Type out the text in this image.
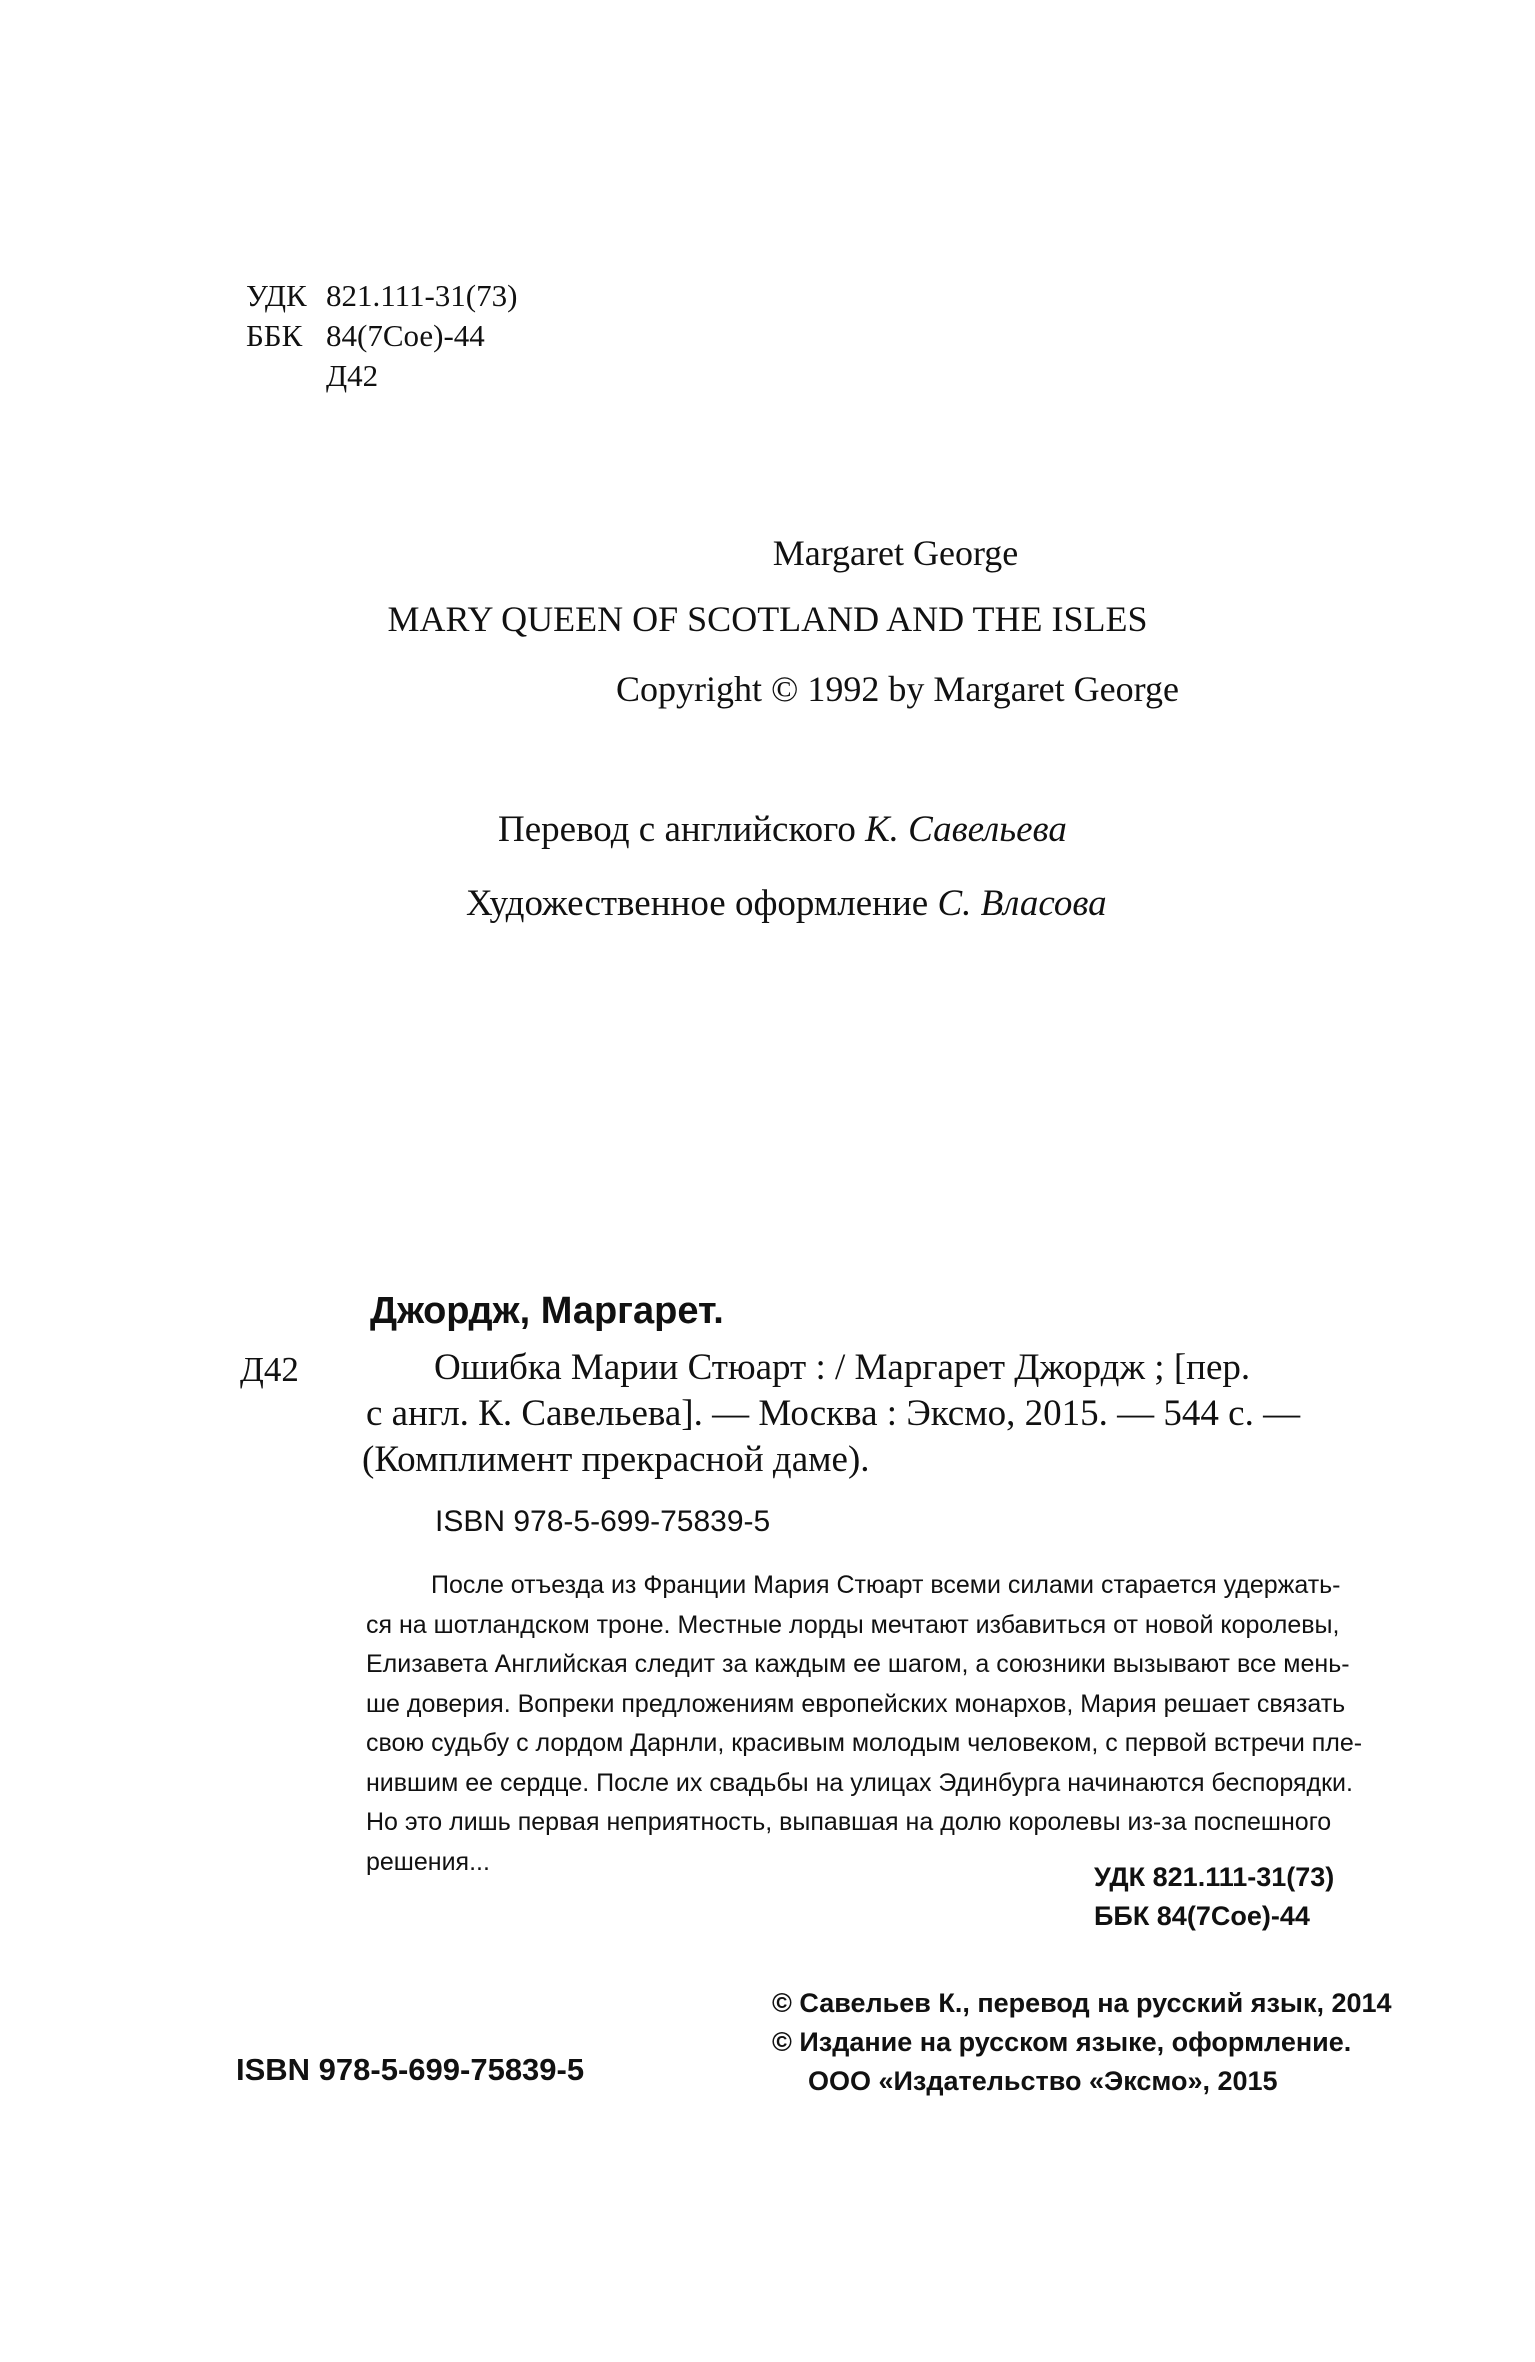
УДК 821.111-31(73)
ББК 84(7Сое)-44
Д42
Margaret George
MARY QUEEN OF SCOTLAND AND THE ISLES
Copyright © 1992 by Margaret George
Перевод с английского К. Савельева
Художественное оформление С. Власова
Джордж, Маргарет.
Д42	Ошибка Марии Стюарт : / Маргарет Джордж ; [пер.
с англ. К. Савельева]. — Москва : Эксмо, 2015. — 544 с. —
(Комплимент прекрасной даме).
ISBN 978-5-699-75839-5
После отъезда из Франции Мария Стюарт всеми силами старается удержать-
ся на шотландском троне. Местные лорды мечтают избавиться от новой королевы,
Елизавета Английская следит за каждым ее шагом, а союзники вызывают все мень-
ше доверия. Вопреки предложениям европейских монархов, Мария решает связать
свою судьбу с лордом Дарнли, красивым молодым человеком, с первой встречи пле-
нившим ее сердце. После их свадьбы на улицах Эдинбурга начинаются беспорядки.
Но это лишь первая неприятность, выпавшая на долю королевы из-за поспешного
решения...
УДК 821.111-31(73)
ББК 84(7Сое)-44
© Савельев К., перевод на русский язык, 2014
© Издание на русском языке, оформление.
ООО «Издательство «Эксмо», 2015
ISBN 978-5-699-75839-5
